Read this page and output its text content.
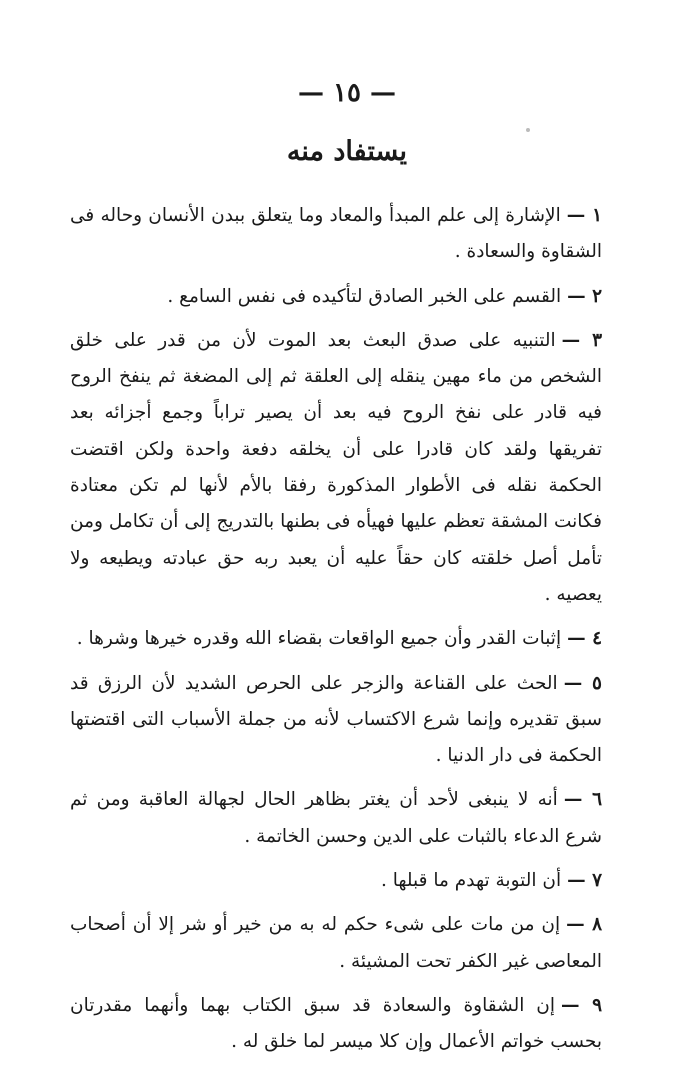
— ١٥ —
يستفاد منه

١ —الإشارة إلى علم المبدأ والمعاد وما يتعلق ببدن الأنسان وحاله فى الشقاوة والسعادة .

٢ —القسم على الخبر الصادق لتأكيده فى نفس السامع .

٣ —التنبيه على صدق البعث بعد الموت لأن من قدر على خلق الشخص من ماء مهين ينقله إلى العلقة ثم إلى المضغة ثم ينفخ الروح فيه قادر على نفخ الروح فيه بعد أن يصير تراباً وجمع أجزائه بعد تفريقها ولقد كان قادرا على أن يخلقه دفعة واحدة ولكن اقتضت الحكمة نقله فى الأطوار المذكورة رفقا بالأم لأنها لم تكن معتادة فكانت المشقة تعظم عليها فهيأه فى بطنها بالتدريج إلى أن تكامل ومن تأمل أصل خلقته كان حقاً عليه أن يعبد ربه حق عبادته ويطيعه ولا يعصيه .

٤ —إثبات القدر وأن جميع الواقعات بقضاء الله وقدره خيرها وشرها .

٥ —الحث على القناعة والزجر على الحرص الشديد لأن الرزق قد سبق تقديره وإنما شرع الاكتساب لأنه من جملة الأسباب التى اقتضتها الحكمة فى دار الدنيا .

٦ —أنه لا ينبغى لأحد أن يغتر بظاهر الحال لجهالة العاقبة ومن ثم شرع الدعاء بالثبات على الدين وحسن الخاتمة .

٧ —أن التوبة تهدم ما قبلها .

٨ —إن من مات على شىء حكم له به من خير أو شر إلا أن أصحاب المعاصى غير الكفر تحت المشيئة .

٩ —إن الشقاوة والسعادة قد سبق الكتاب بهما وأنهما مقدرتان بحسب خواتم الأعمال وإن كلا ميسر لما خلق له .
